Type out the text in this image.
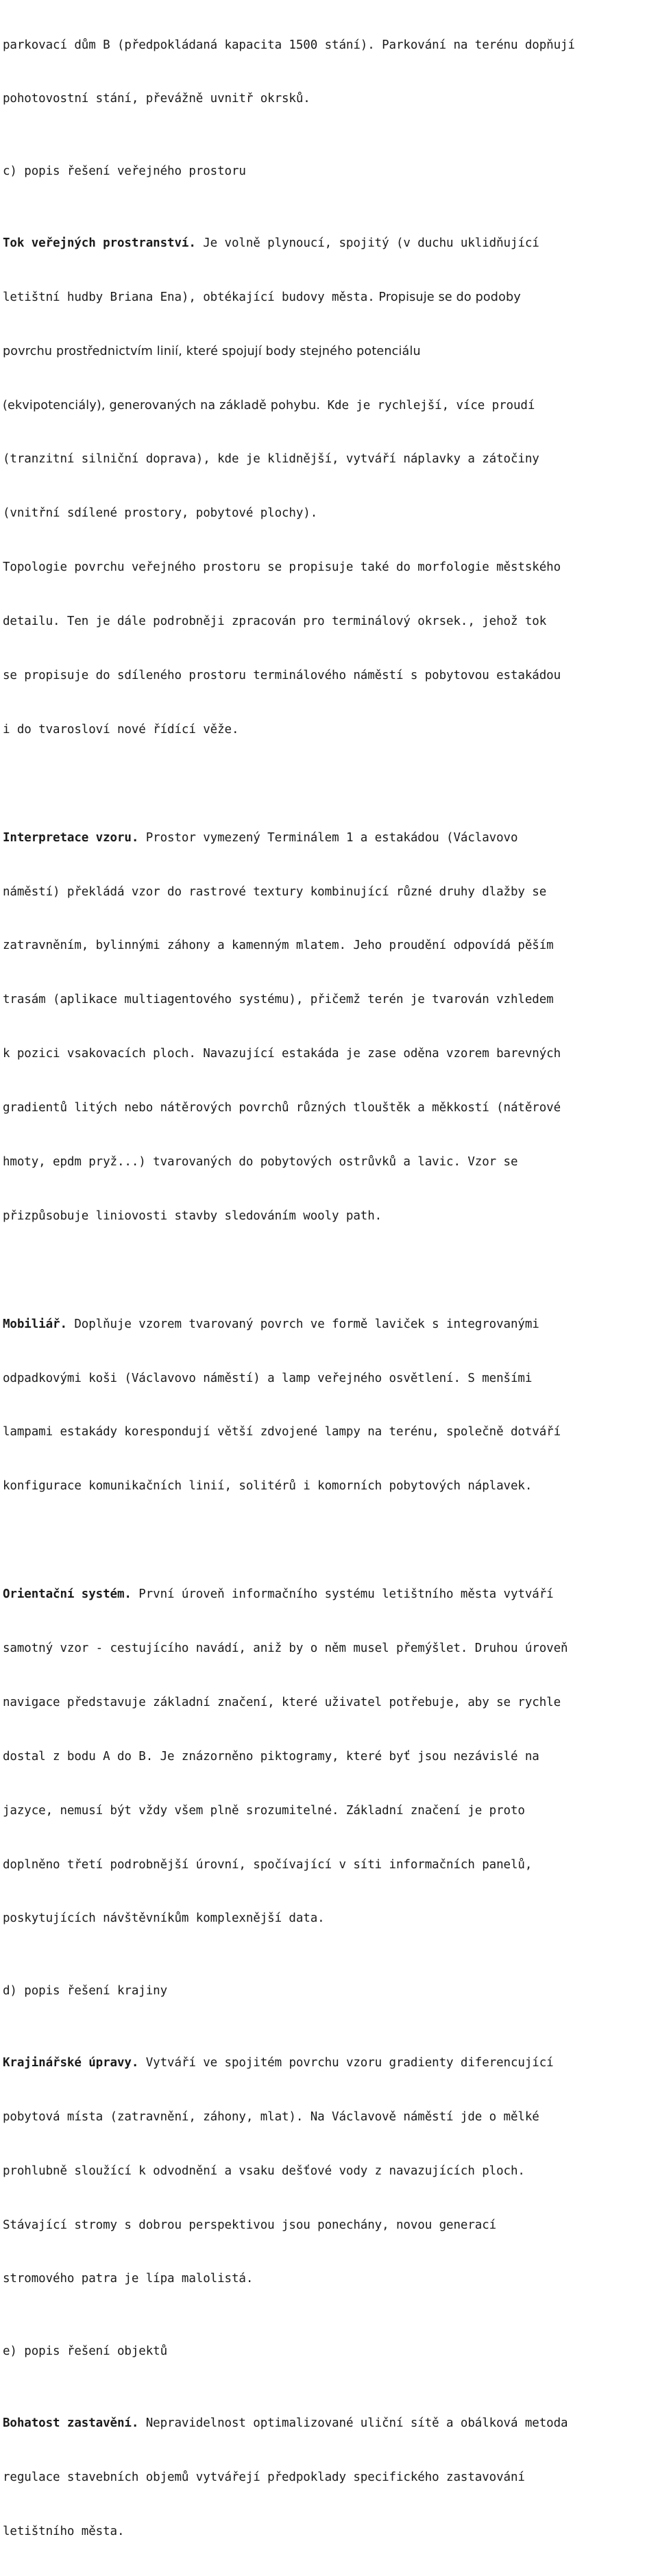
parkovací dům B (předpokládaná kapacita 1500 stání). Parkování na terénu dopňují

pohotovostní stání, převážně uvnitř okrsků.

c) popis řešení veřejného prostoru

Tok veřejných prostranství. Je volně plynoucí, spojitý (v duchu uklidňující

letištní hudby Briana Ena), obtékající budovy města. Propisuje se do podoby

povrchu prostřednictvím linií, které spojují body stejného potenciálu

(ekvipotenciály), generovaných na základě pohybu. Kde je rychlejší, více proudí

(tranzitní silniční doprava), kde je klidnější, vytváří náplavky a zátočiny

(vnitřní sdílené prostory, pobytové plochy).

Topologie povrchu veřejného prostoru se propisuje také do morfologie městského

detailu. Ten je dále podrobněji zpracován pro terminálový okrsek., jehož tok

se propisuje do sdíleného prostoru terminálového náměstí s pobytovou estakádou

i do tvarosloví nové řídící věže.

Interpretace vzoru. Prostor vymezený Terminálem 1 a estakádou (Václavovo

náměstí) překládá vzor do rastrové textury kombinující různé druhy dlažby se

zatravněním, bylinnými záhony a kamenným mlatem. Jeho proudění odpovídá pěším

trasám (aplikace multiagentového systému), přičemž terén je tvarován vzhledem

k pozici vsakovacích ploch. Navazující estakáda je zase oděna vzorem barevných

gradientů litých nebo nátěrových povrchů různých tlouštěk a měkkostí (nátěrové

hmoty, epdm pryž...) tvarovaných do pobytových ostrůvků a lavic. Vzor se

přizpůsobuje liniovosti stavby sledováním wooly path.

Mobiliář. Doplňuje vzorem tvarovaný povrch ve formě laviček s integrovanými

odpadkovými koši (Václavovo náměstí) a lamp veřejného osvětlení. S menšími

lampami estakády korespondují větší zdvojené lampy na terénu, společně dotváří

konfigurace komunikačních linií, solitérů i komorních pobytových náplavek.

Orientační systém. První úroveň informačního systému letištního města vytváří

samotný vzor - cestujícího navádí, aniž by o něm musel přemýšlet. Druhou úroveň

navigace představuje základní značení, které uživatel potřebuje, aby se rychle

dostal z bodu A do B. Je znázorněno piktogramy, které byť jsou nezávislé na

jazyce, nemusí být vždy všem plně srozumitelné. Základní značení je proto

doplněno třetí podrobnější úrovní, spočívající v síti informačních panelů,

poskytujících návštěvníkům komplexnější data.

d) popis řešení krajiny

Krajinářské úpravy. Vytváří ve spojitém povrchu vzoru gradienty diferencující

pobytová místa (zatravnění, záhony, mlat). Na Václavově náměstí jde o mělké

prohlubně sloužící k odvodnění a vsaku dešťové vody z navazujících ploch.

Stávající stromy s dobrou perspektivou jsou ponechány, novou generací

stromového patra je lípa malolistá.

e) popis řešení objektů

Bohatost zastavění. Nepravidelnost optimalizované uliční sítě a obálková metoda

regulace stavebních objemů vytvářejí předpoklady specifického zastavování

letištního města.
